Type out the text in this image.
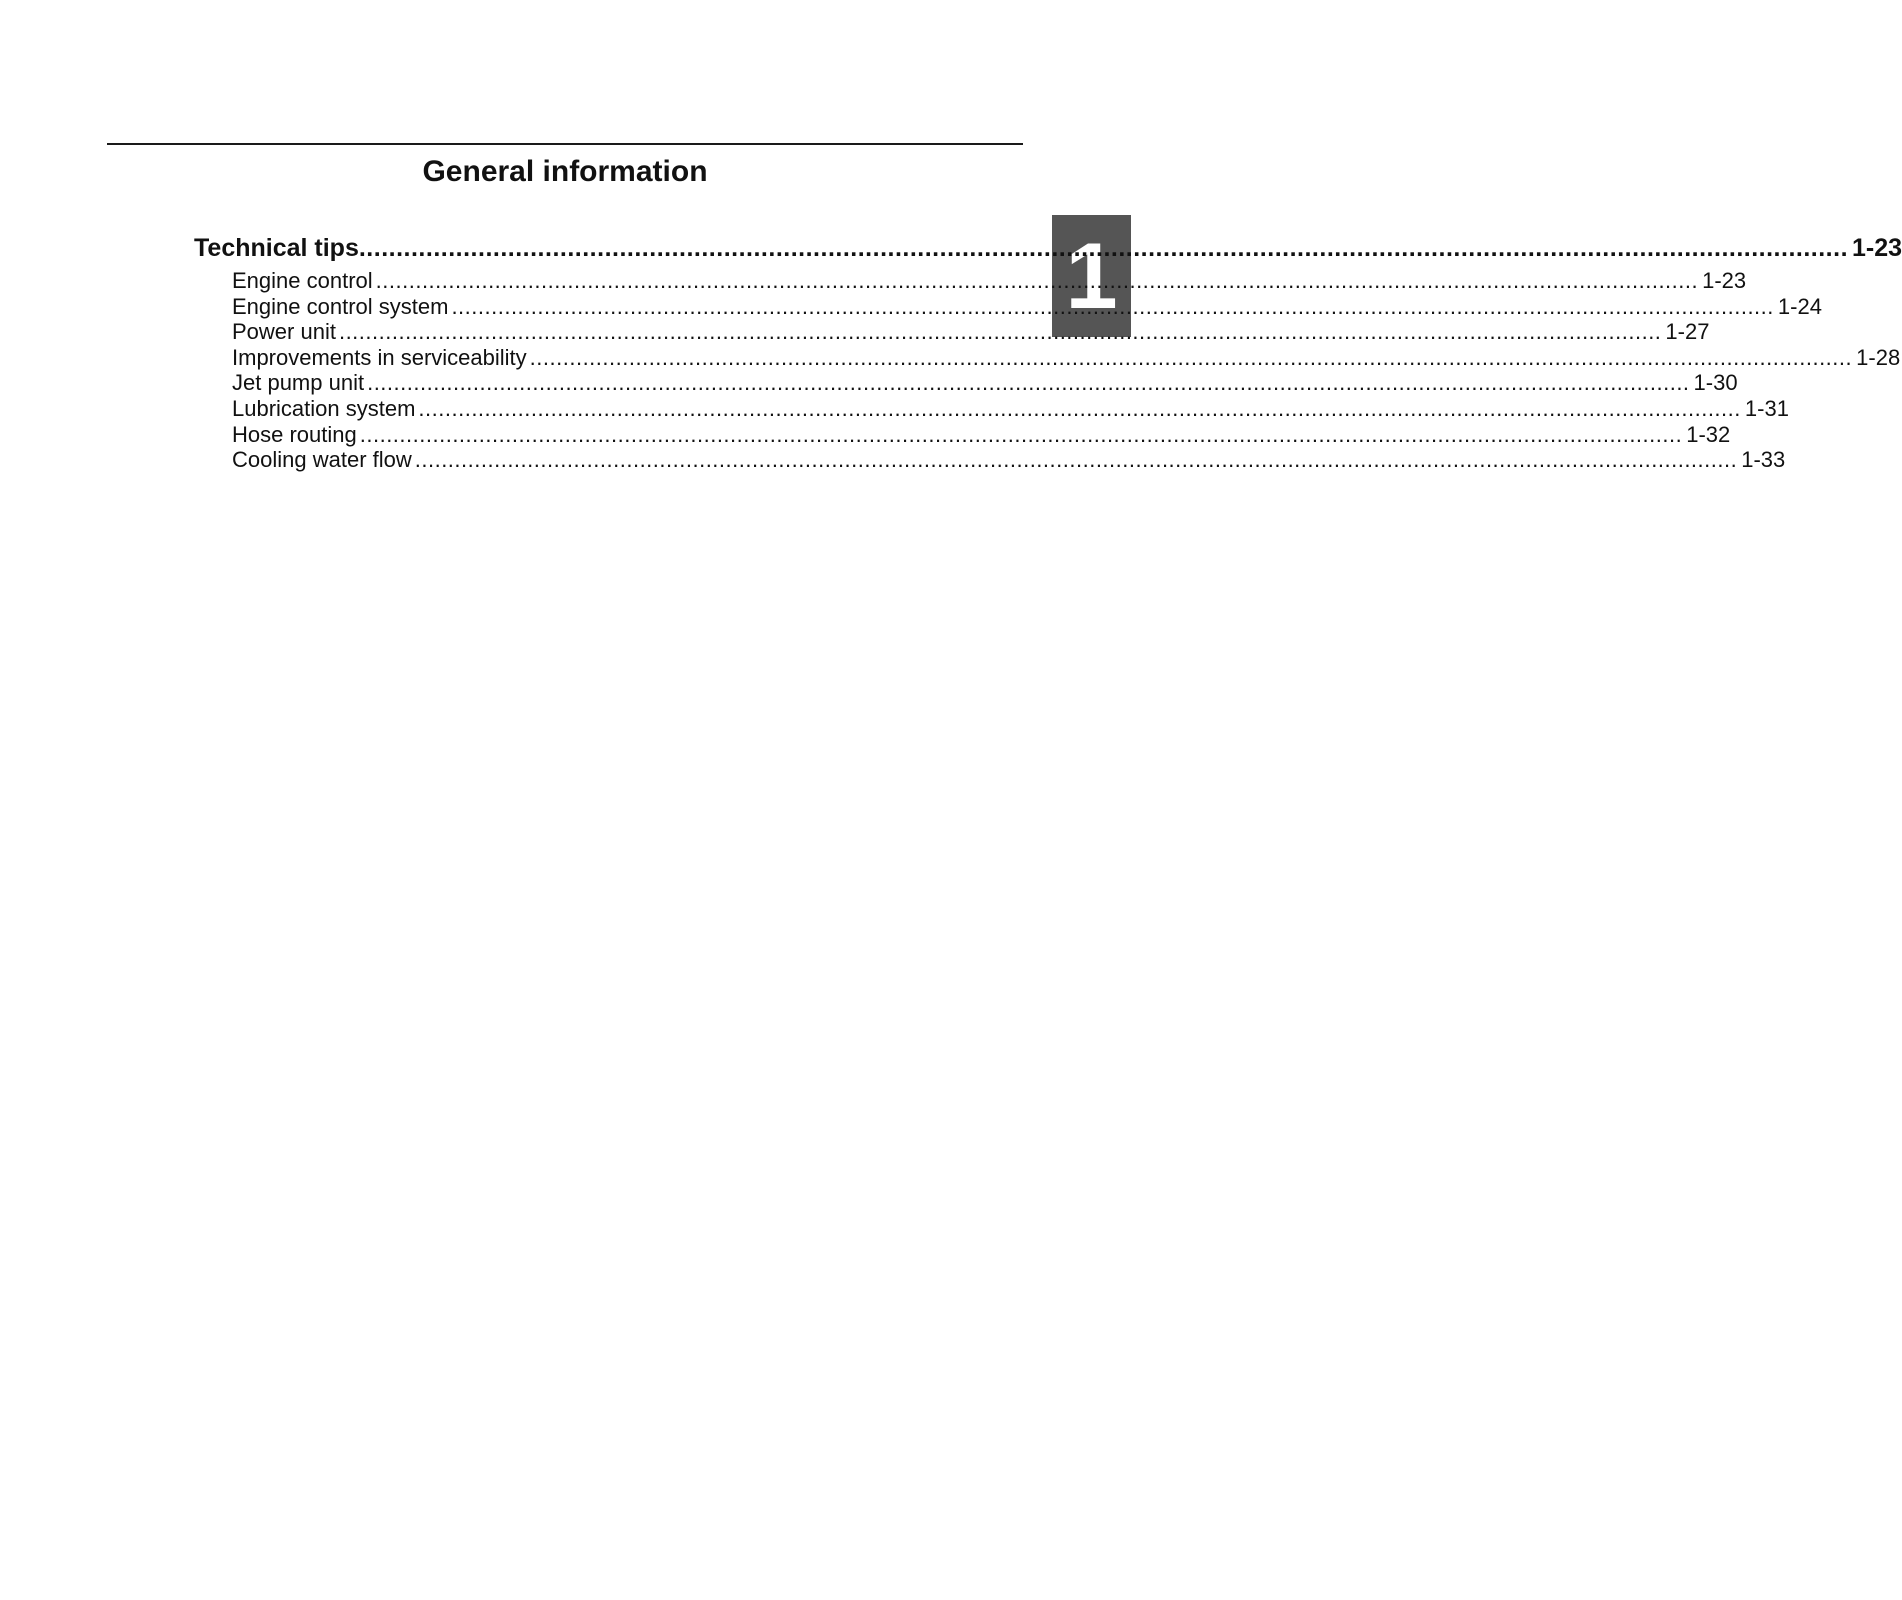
General information
1
Technical tips ........................................................................................................................................................................................................ 1-23
Engine control ........................................................................................................................................................................................................ 1-23
Engine control system ........................................................................................................................................................................................................ 1-24
Power unit ........................................................................................................................................................................................................ 1-27
Improvements in serviceability ........................................................................................................................................................................................................ 1-28
Jet pump unit ........................................................................................................................................................................................................ 1-30
Lubrication system ........................................................................................................................................................................................................ 1-31
Hose routing ........................................................................................................................................................................................................ 1-32
Cooling water flow ........................................................................................................................................................................................................ 1-33
